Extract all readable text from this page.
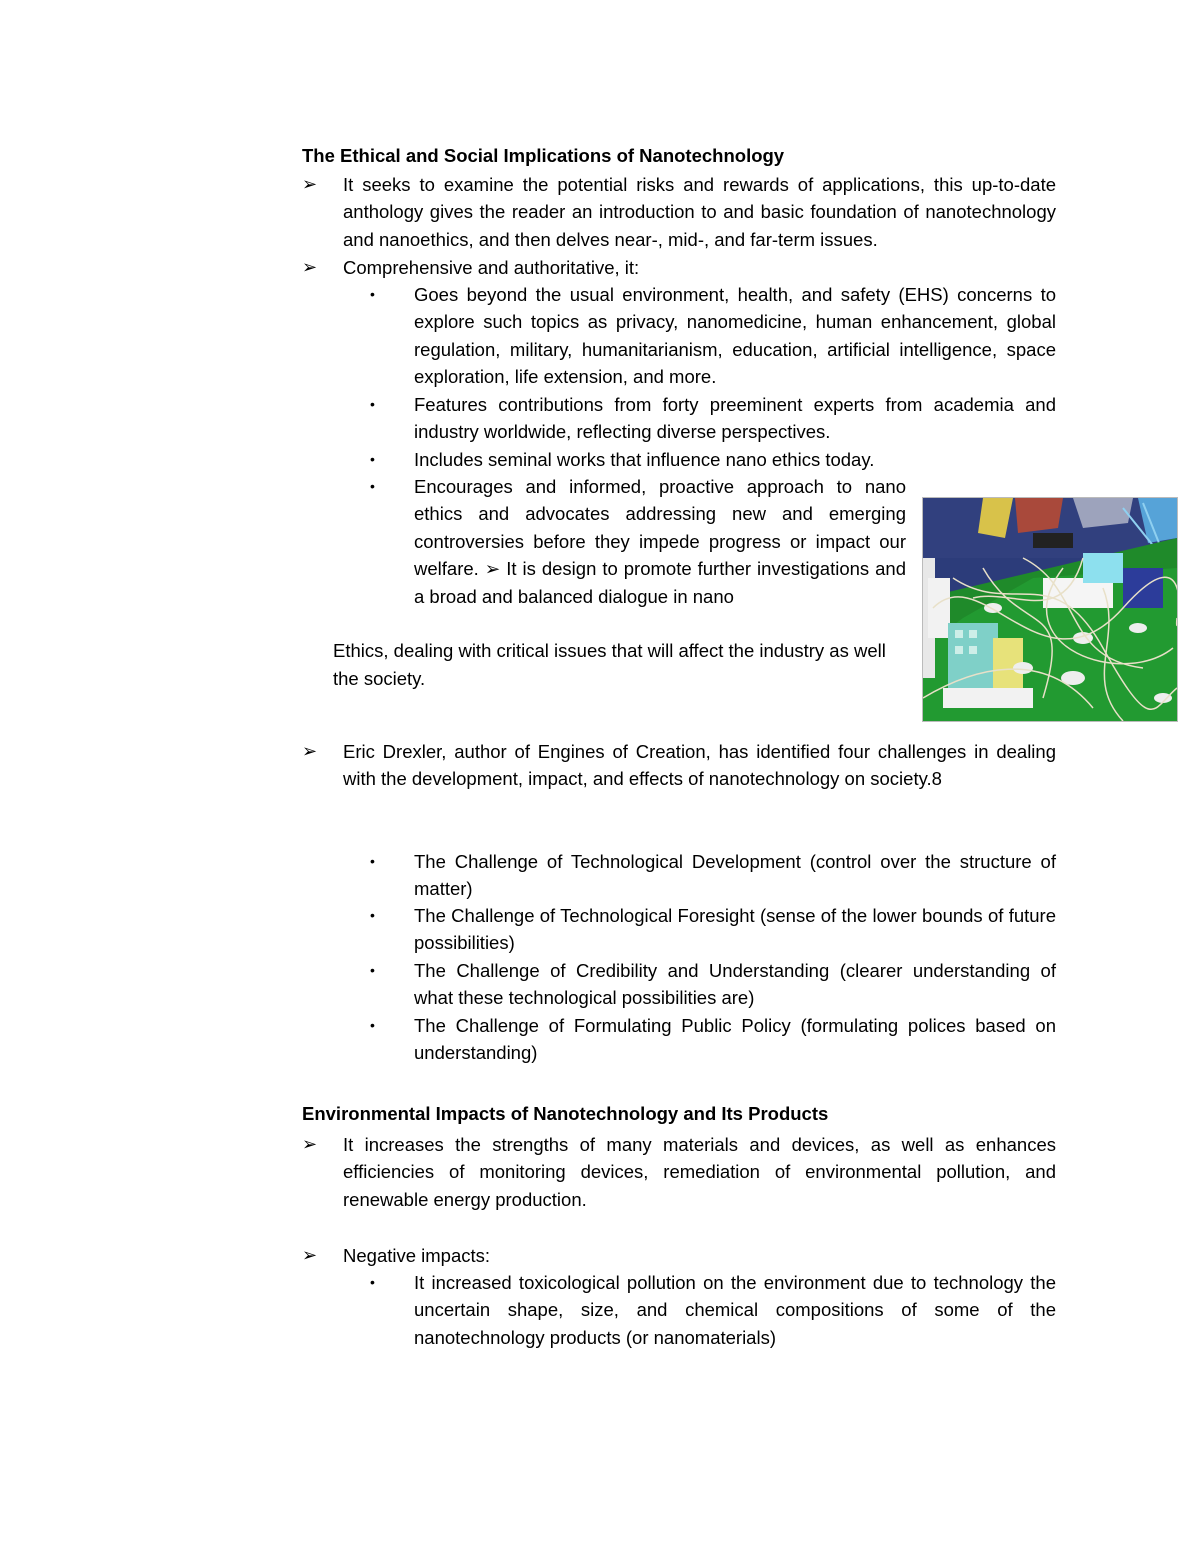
The Ethical and Social Implications of Nanotechnology
➢ It seeks to examine the potential risks and rewards of applications, this up-to-date anthology gives the reader an introduction to and basic foundation of nanotechnology and nanoethics, and then delves near-, mid-, and far-term issues.
➢ Comprehensive and authoritative, it:
• Goes beyond the usual environment, health, and safety (EHS) concerns to explore such topics as privacy, nanomedicine, human enhancement, global regulation, military, humanitarianism, education, artificial intelligence, space exploration, life extension, and more.
• Features contributions from forty preeminent experts from academia and industry worldwide, reflecting diverse perspectives.
• Includes seminal works that influence nano ethics today.
• Encourages and informed, proactive approach to nano ethics and advocates addressing new and emerging controversies before they impede progress or impact our welfare. ➢ It is design to promote further investigations and a broad and balanced dialogue in nano
Ethics, dealing with critical issues that will affect the industry as well the society.
➢ Eric Drexler, author of Engines of Creation, has identified four challenges in dealing with the development, impact, and effects of nanotechnology on society.8
• The Challenge of Technological Development (control over the structure of matter)
• The Challenge of Technological Foresight (sense of the lower bounds of future possibilities)
• The Challenge of Credibility and Understanding (clearer understanding of what these technological possibilities are)
• The Challenge of Formulating Public Policy (formulating polices based on understanding)
Environmental Impacts of Nanotechnology and Its Products
➢ It increases the strengths of many materials and devices, as well as enhances efficiencies of monitoring devices, remediation of environmental pollution, and renewable energy production.
➢ Negative impacts:
• It increased toxicological pollution on the environment due to technology the uncertain shape, size, and chemical compositions of some of the nanotechnology products (or nanomaterials)
